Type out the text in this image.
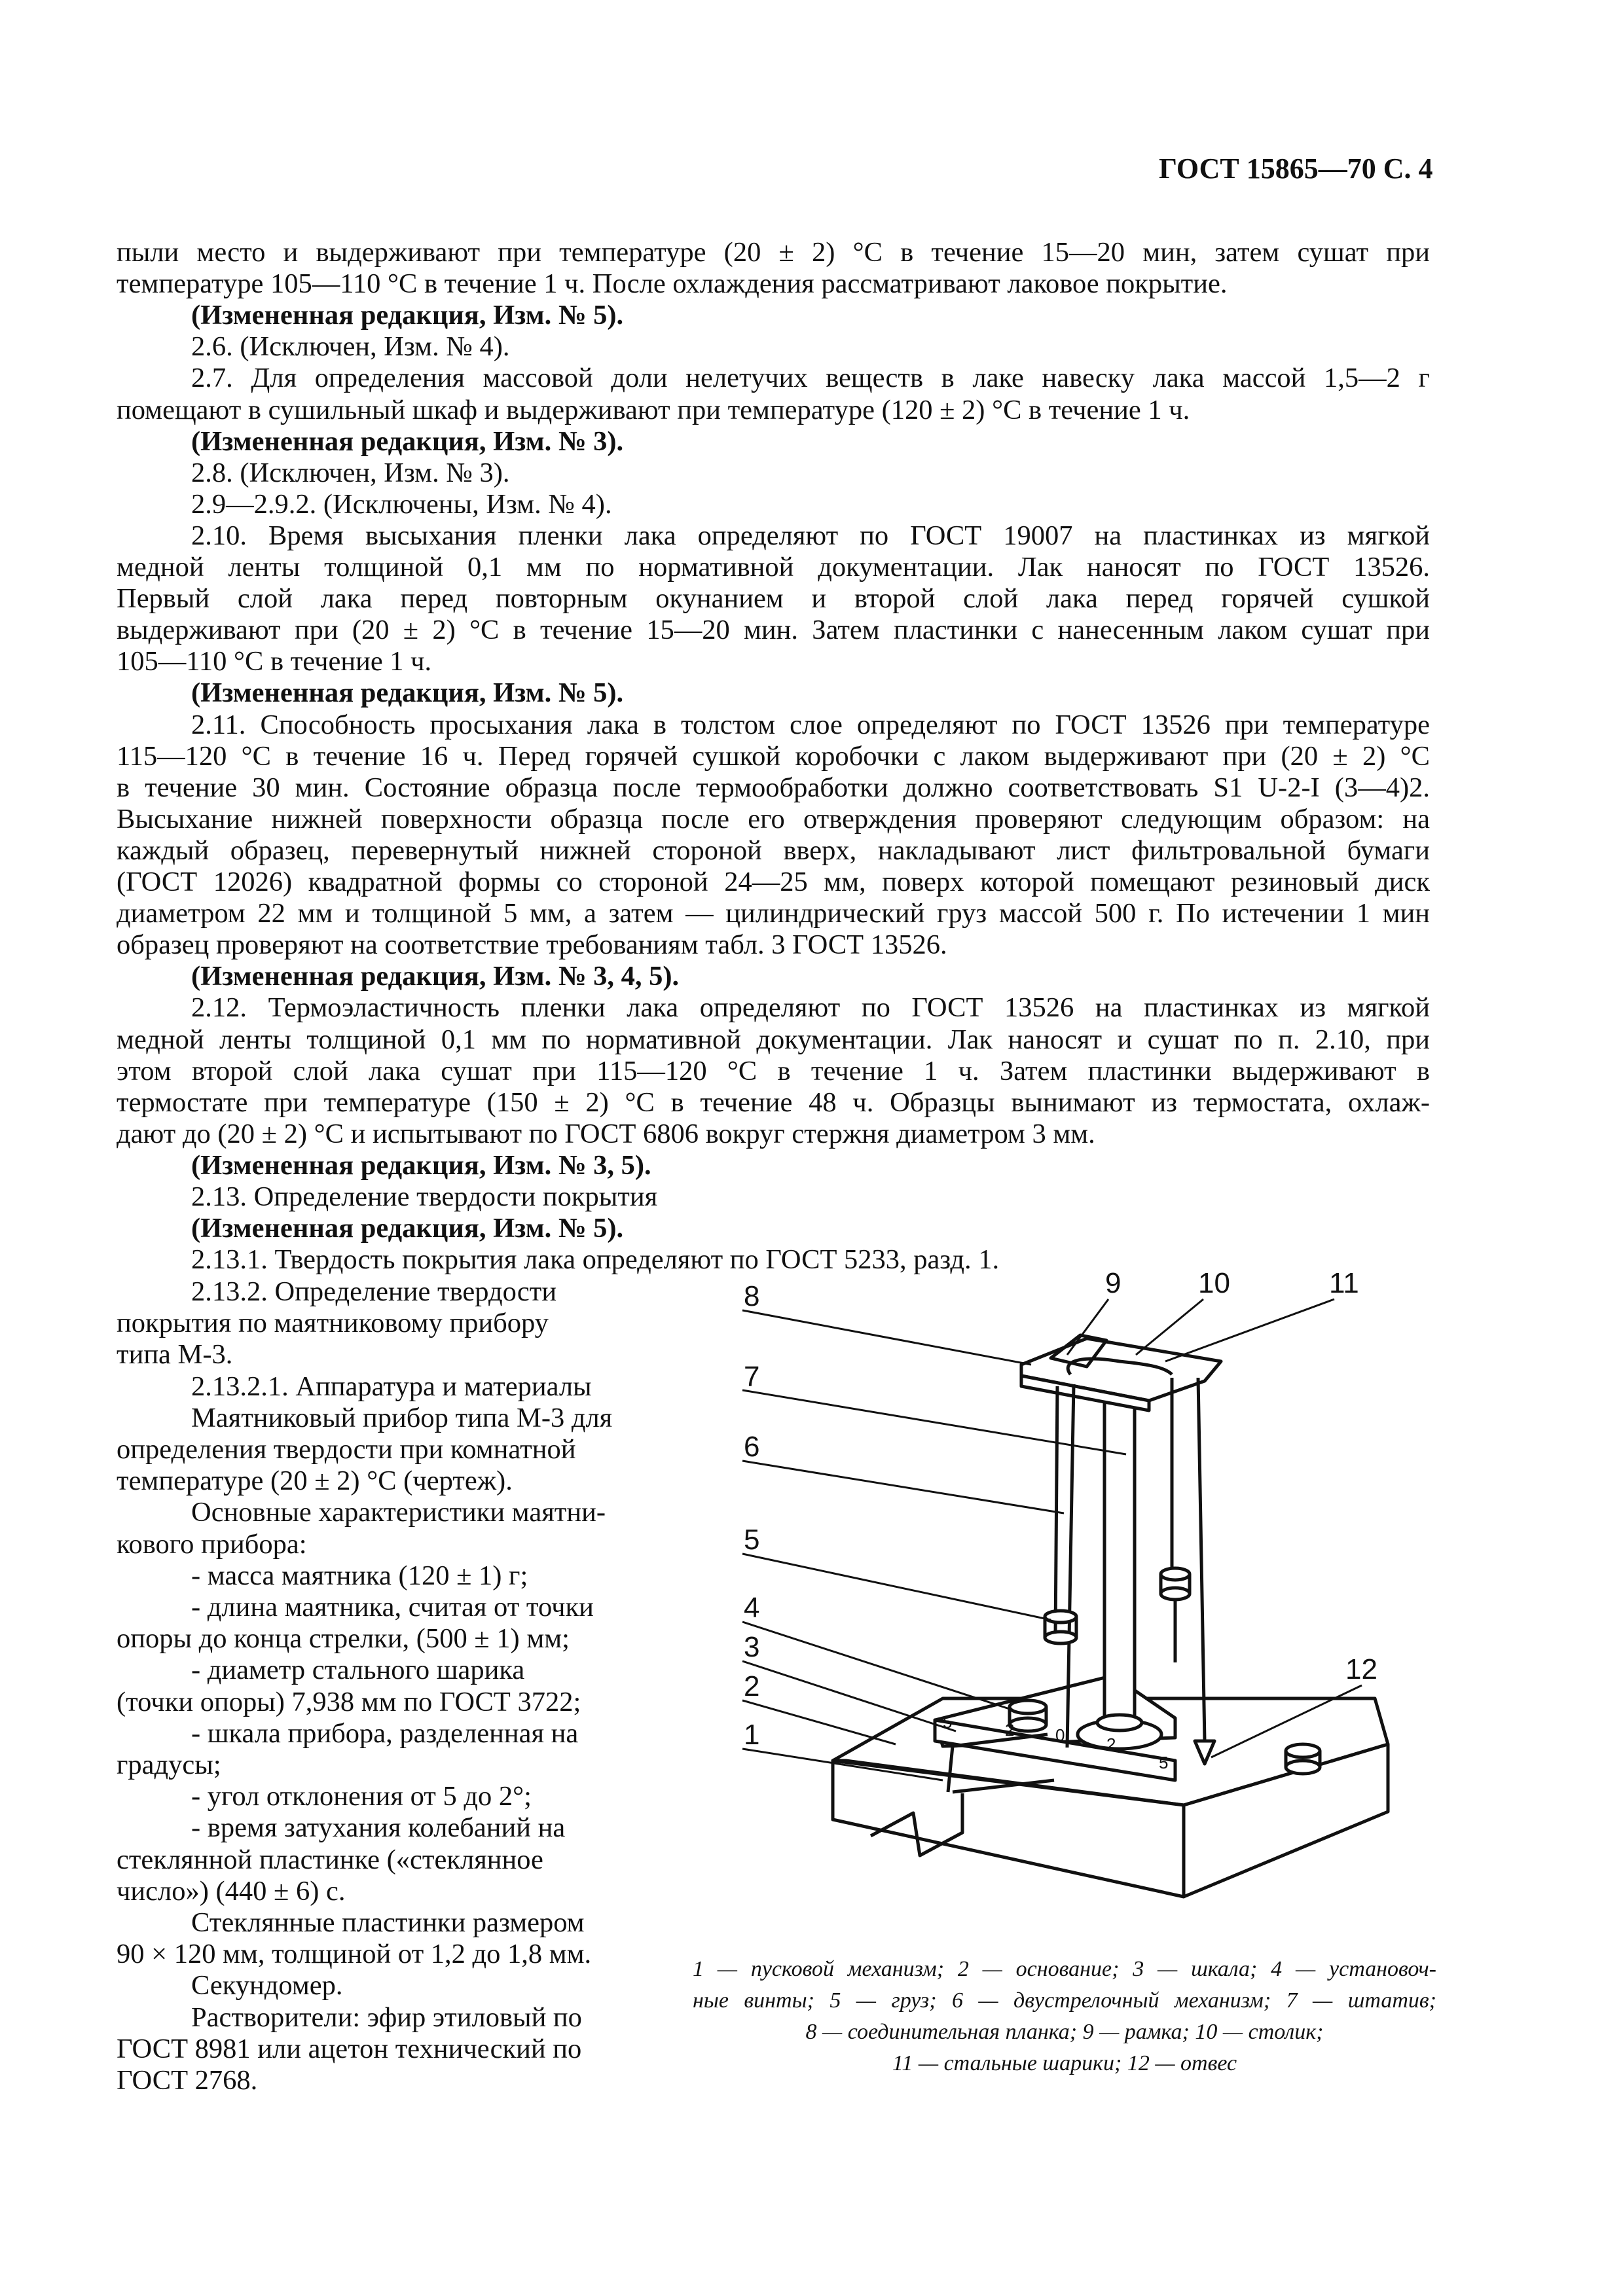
ГОСТ 15865—70 С. 4
пыли место и выдерживают при температуре (20 ± 2) °С в течение 15—20 мин, затем сушат при
температуре 105—110 °С в течение 1 ч. После охлаждения рассматривают лаковое покрытие.
(Измененная редакция, Изм. № 5).
2.6. (Исключен, Изм. № 4).
2.7. Для определения массовой доли нелетучих веществ в лаке навеску лака массой 1,5—2 г
помещают в сушильный шкаф и выдерживают при температуре (120 ± 2) °С в течение 1 ч.
(Измененная редакция, Изм. № 3).
2.8. (Исключен, Изм. № 3).
2.9—2.9.2. (Исключены, Изм. № 4).
2.10. Время высыхания пленки лака определяют по ГОСТ 19007 на пластинках из мягкой
медной ленты толщиной 0,1 мм по нормативной документации. Лак наносят по ГОСТ 13526.
Первый слой лака перед повторным окунанием и второй слой лака перед горячей сушкой
выдерживают при (20 ± 2) °С в течение 15—20 мин. Затем пластинки с нанесенным лаком сушат при
105—110 °С в течение 1 ч.
(Измененная редакция, Изм. № 5).
2.11. Способность просыхания лака в толстом слое определяют по ГОСТ 13526 при температуре
115—120 °С в течение 16 ч. Перед горячей сушкой коробочки с лаком выдерживают при (20 ± 2) °С
в течение 30 мин. Состояние образца после термообработки должно соответствовать S1 U-2-I (3—4)2.
Высыхание нижней поверхности образца после его отверждения проверяют следующим образом: на
каждый образец, перевернутый нижней стороной вверх, накладывают лист фильтровальной бумаги
(ГОСТ 12026) квадратной формы со стороной 24—25 мм, поверх которой помещают резиновый диск
диаметром 22 мм и толщиной 5 мм, а затем — цилиндрический груз массой 500 г. По истечении 1 мин
образец проверяют на соответствие требованиям табл. 3 ГОСТ 13526.
(Измененная редакция, Изм. № 3, 4, 5).
2.12. Термоэластичность пленки лака определяют по ГОСТ 13526 на пластинках из мягкой
медной ленты толщиной 0,1 мм по нормативной документации. Лак наносят и сушат по п. 2.10, при
этом второй слой лака сушат при 115—120 °С в течение 1 ч. Затем пластинки выдерживают в
термостате при температуре (150 ± 2) °С в течение 48 ч. Образцы вынимают из термостата, охлаж-
дают до (20 ± 2) °С и испытывают по ГОСТ 6806 вокруг стержня диаметром 3 мм.
(Измененная редакция, Изм. № 3, 5).
2.13. Определение твердости покрытия
(Измененная редакция, Изм. № 5).
2.13.1. Твердость покрытия лака определяют по ГОСТ 5233, разд. 1.
2.13.2. Определение твердости
покрытия по маятниковому прибору
типа М-3.
2.13.2.1. Аппаратура и материалы
Маятниковый прибор типа М-3 для
определения твердости при комнатной
температуре (20 ± 2) °С (чертеж).
Основные характеристики маятни-
кового прибора:
- масса маятника (120 ± 1) г;
- длина маятника, считая от точки
опоры до конца стрелки, (500 ± 1) мм;
- диаметр стального шарика
(точки опоры) 7,938 мм по ГОСТ 3722;
- шкала прибора, разделенная на
градусы;
- угол отклонения от 5 до 2°;
- время затухания колебаний на
стеклянной пластинке («стеклянное
число») (440 ± 6) с.
Стеклянные пластинки размером
90 × 120 мм, толщиной от 1,2 до 1,8 мм.
Секундомер.
Растворители: эфир этиловый по
ГОСТ 8981 или ацетон технический по
ГОСТ 2768.
8	9	10	11
7
6
5
4
3
2
1
12
5	2 0 2
5
1 — пусковой механизм; 2 — основание; 3 — шкала; 4 — установоч-
ные винты; 5 — груз; 6 — двустрелочный механизм; 7 — штатив;
8 — соединительная планка; 9 — рамка; 10 — столик;
11 — стальные шарики; 12 — отвес
